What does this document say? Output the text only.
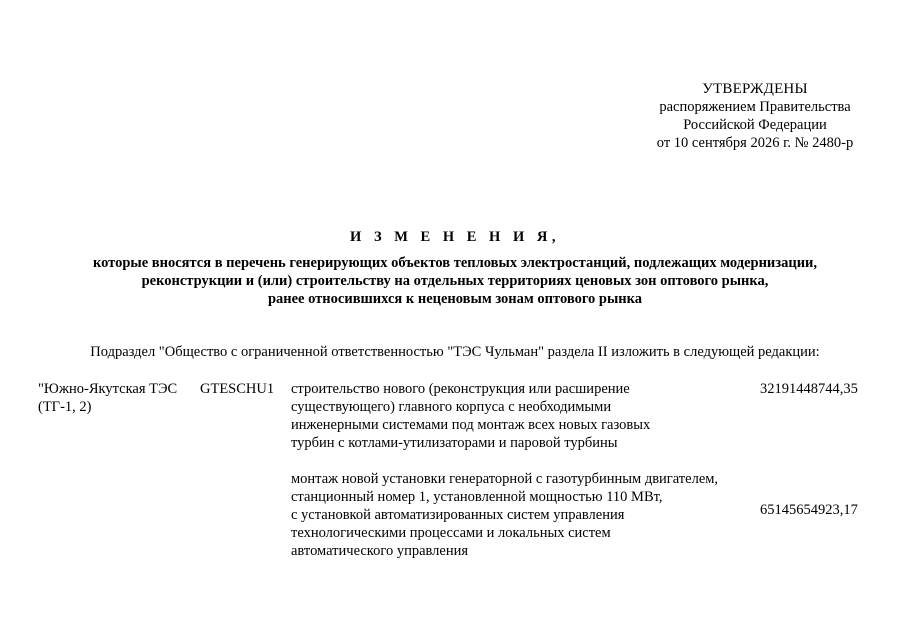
УТВЕРЖДЕНЫ
распоряжением Правительства
Российской Федерации
от 10 сентября 2026 г. № 2480-р
И З М Е Н Е Н И Я,
которые вносятся в перечень генерирующих объектов тепловых электростанций, подлежащих модернизации,
реконструкции и (или) строительству на отдельных территориях ценовых зон оптового рынка,
ранее относившихся к неценовым зонам оптового рынка
Подраздел "Общество с ограниченной ответственностью "ТЭС Чульман" раздела II изложить в следующей редакции:
"Южно-Якутская ТЭС
(ТГ-1, 2)
GTESCHU1 строительство нового (реконструкция или расширение
существующего) главного корпуса с необходимыми
инженерными системами под монтаж всех новых газовых
турбин с котлами-утилизаторами и паровой турбины
монтаж новой установки генераторной с газотурбинным двигателем,
станционный номер 1, установленной мощностью 110 МВт,
с установкой автоматизированных систем управления
технологическими процессами и локальных систем
автоматического управления
32191448744,35
65145654923,17
